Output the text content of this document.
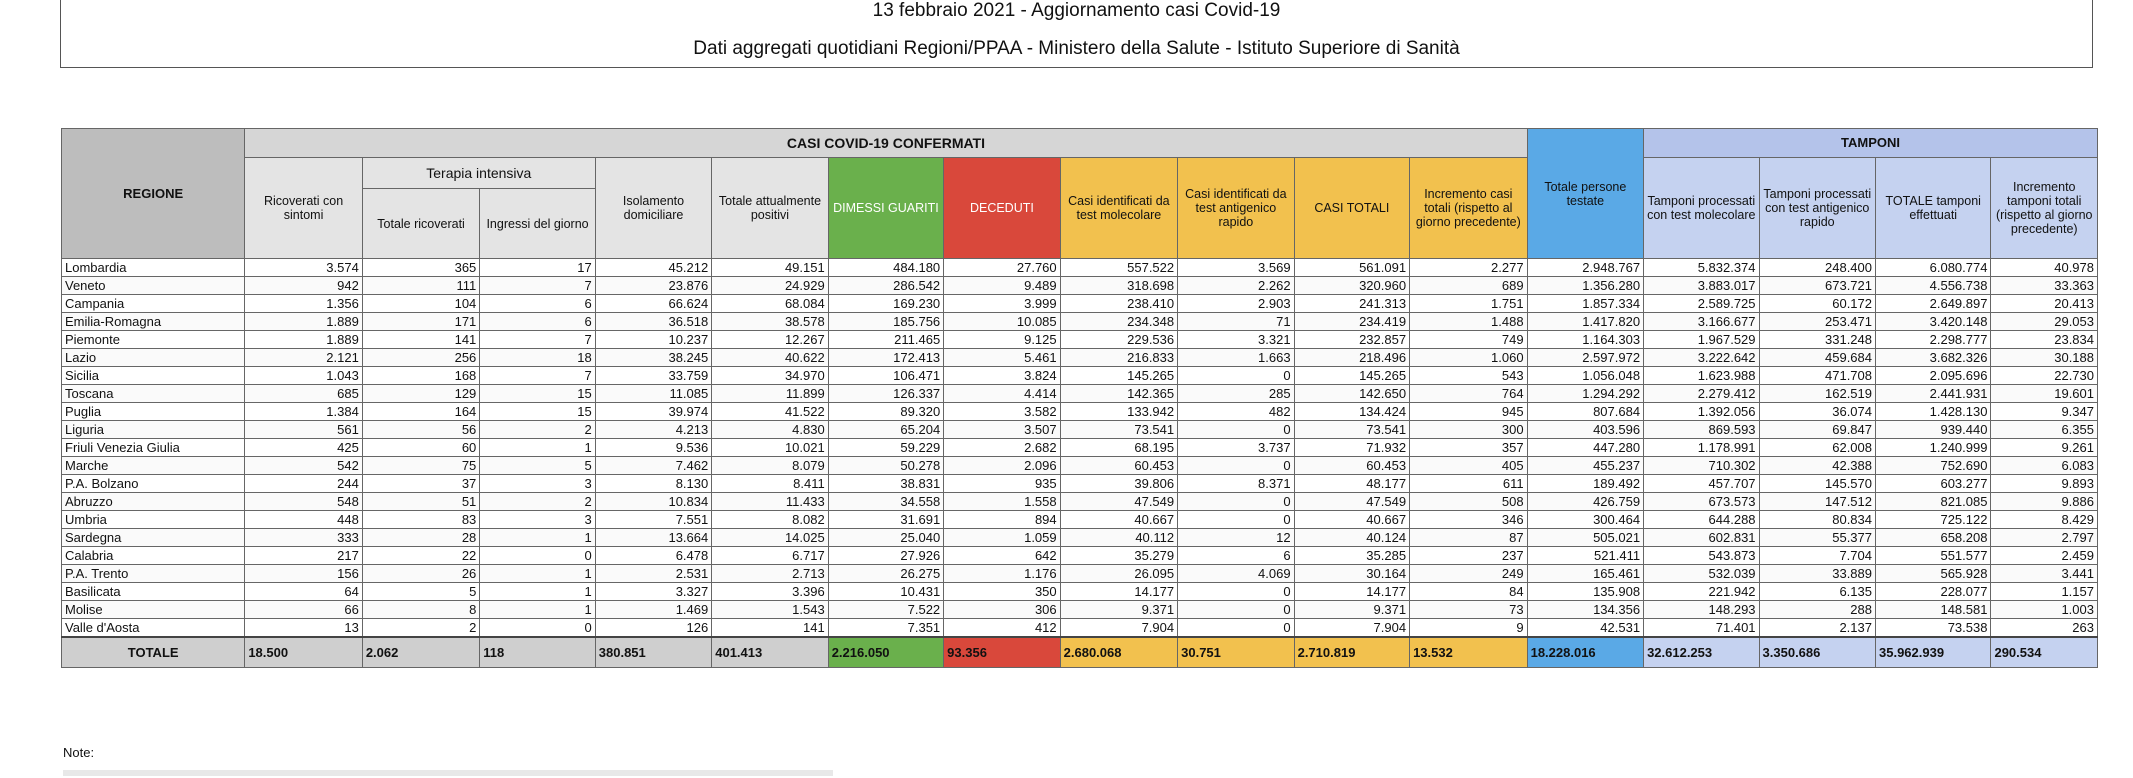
13 febbraio 2021 - Aggiornamento casi Covid-19
Dati aggregati quotidiani Regioni/PPAA - Ministero della Salute - Istituto Superiore di Sanità
REGIONE	CASI COVID-19 CONFERMATI											Totale persone testate	TAMPONI			
	Ricoverati con sintomi	Terapia intensiva		Isolamento domiciliare	Totale attualmente positivi	DIMESSI GUARITI	DECEDUTI	Casi identificati da test molecolare	Casi identificati da test antigenico rapido	CASI TOTALI	Incremento casi totali (rispetto al giorno precedente)		Tamponi processati con test molecolare	Tamponi processati con test antigenico rapido	TOTALE tamponi effettuati	Incremento tamponi totali (rispetto al giorno precedente)
		Totale ricoverati	Ingressi del giorno													
Lombardia	3.574	365	17	45.212	49.151	484.180	27.760	557.522	3.569	561.091	2.277	2.948.767	5.832.374	248.400	6.080.774	40.978
Veneto	942	111	7	23.876	24.929	286.542	9.489	318.698	2.262	320.960	689	1.356.280	3.883.017	673.721	4.556.738	33.363
Campania	1.356	104	6	66.624	68.084	169.230	3.999	238.410	2.903	241.313	1.751	1.857.334	2.589.725	60.172	2.649.897	20.413
Emilia-Romagna	1.889	171	6	36.518	38.578	185.756	10.085	234.348	71	234.419	1.488	1.417.820	3.166.677	253.471	3.420.148	29.053
Piemonte	1.889	141	7	10.237	12.267	211.465	9.125	229.536	3.321	232.857	749	1.164.303	1.967.529	331.248	2.298.777	23.834
Lazio	2.121	256	18	38.245	40.622	172.413	5.461	216.833	1.663	218.496	1.060	2.597.972	3.222.642	459.684	3.682.326	30.188
Sicilia	1.043	168	7	33.759	34.970	106.471	3.824	145.265	0	145.265	543	1.056.048	1.623.988	471.708	2.095.696	22.730
Toscana	685	129	15	11.085	11.899	126.337	4.414	142.365	285	142.650	764	1.294.292	2.279.412	162.519	2.441.931	19.601
Puglia	1.384	164	15	39.974	41.522	89.320	3.582	133.942	482	134.424	945	807.684	1.392.056	36.074	1.428.130	9.347
Liguria	561	56	2	4.213	4.830	65.204	3.507	73.541	0	73.541	300	403.596	869.593	69.847	939.440	6.355
Friuli Venezia Giulia	425	60	1	9.536	10.021	59.229	2.682	68.195	3.737	71.932	357	447.280	1.178.991	62.008	1.240.999	9.261
Marche	542	75	5	7.462	8.079	50.278	2.096	60.453	0	60.453	405	455.237	710.302	42.388	752.690	6.083
P.A. Bolzano	244	37	3	8.130	8.411	38.831	935	39.806	8.371	48.177	611	189.492	457.707	145.570	603.277	9.893
Abruzzo	548	51	2	10.834	11.433	34.558	1.558	47.549	0	47.549	508	426.759	673.573	147.512	821.085	9.886
Umbria	448	83	3	7.551	8.082	31.691	894	40.667	0	40.667	346	300.464	644.288	80.834	725.122	8.429
Sardegna	333	28	1	13.664	14.025	25.040	1.059	40.112	12	40.124	87	505.021	602.831	55.377	658.208	2.797
Calabria	217	22	0	6.478	6.717	27.926	642	35.279	6	35.285	237	521.411	543.873	7.704	551.577	2.459
P.A. Trento	156	26	1	2.531	2.713	26.275	1.176	26.095	4.069	30.164	249	165.461	532.039	33.889	565.928	3.441
Basilicata	64	5	1	3.327	3.396	10.431	350	14.177	0	14.177	84	135.908	221.942	6.135	228.077	1.157
Molise	66	8	1	1.469	1.543	7.522	306	9.371	0	9.371	73	134.356	148.293	288	148.581	1.003
Valle d'Aosta	13	2	0	126	141	7.351	412	7.904	0	7.904	9	42.531	71.401	2.137	73.538	263
TOTALE	18.500	2.062	118	380.851	401.413	2.216.050	93.356	2.680.068	30.751	2.710.819	13.532	18.228.016	32.612.253	3.350.686	35.962.939	290.534
Note:
